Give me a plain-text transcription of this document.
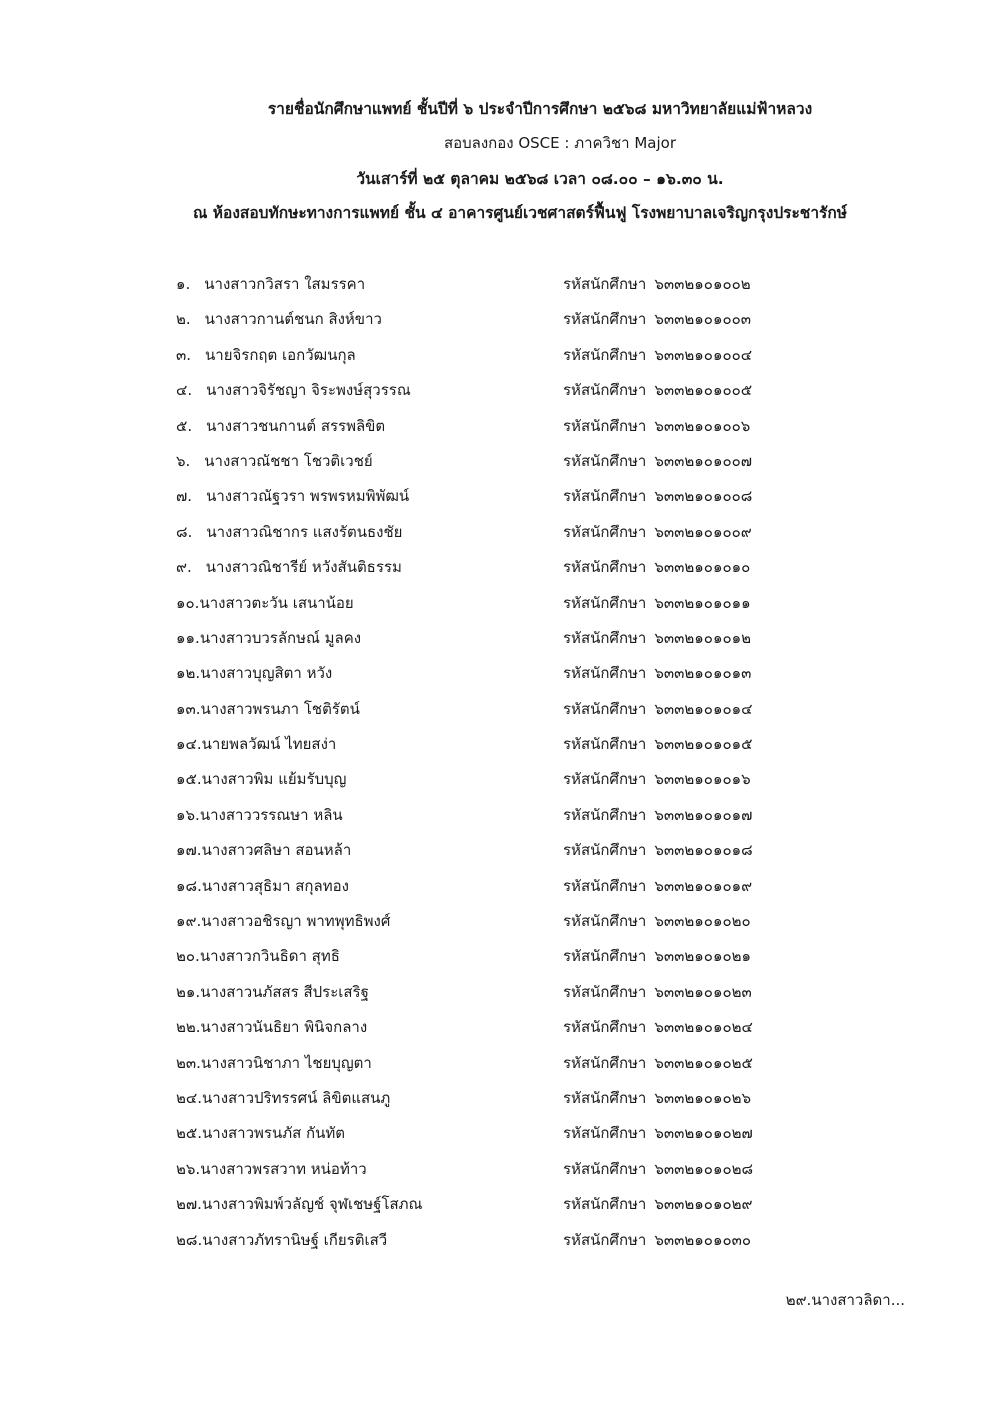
รายชื่อนักศึกษาแพทย์ ชั้นปีที่ ๖ ประจำปีการศึกษา ๒๕๖๘ มหาวิทยาลัยแม่ฟ้าหลวง
สอบลงกอง OSCE : ภาควิชา Major
วันเสาร์ที่ ๒๕ ตุลาคม ๒๕๖๘ เวลา ๐๘.๐๐ – ๑๖.๓๐ น.
ณ ห้องสอบทักษะทางการแพทย์ ชั้น ๔ อาคารศูนย์เวชศาสตร์ฟื้นฟู โรงพยาบาลเจริญกรุงประชารักษ์
๑. นางสาวกวิสรา ใสมรรคา	รหัสนักศึกษา ๖๓๓๒๑๐๑๐๐๒
๒. นางสาวกานต์ชนก สิงห์ขาว	รหัสนักศึกษา ๖๓๓๒๑๐๑๐๐๓
๓. นายจิรกฤต เอกวัฒนกุล	รหัสนักศึกษา ๖๓๓๒๑๐๑๐๐๔
๔. นางสาวจิรัชญา จิระพงษ์สุวรรณ	รหัสนักศึกษา ๖๓๓๒๑๐๑๐๐๕
๕. นางสาวชนกานต์ สรรพลิขิต	รหัสนักศึกษา ๖๓๓๒๑๐๑๐๐๖
๖. นางสาวณัชชา โชวติเวชย์	รหัสนักศึกษา ๖๓๓๒๑๐๑๐๐๗
๗. นางสาวณัฐวรา พรพรหมพิพัฒน์	รหัสนักศึกษา ๖๓๓๒๑๐๑๐๐๘
๘. นางสาวณิชากร แสงรัตนธงชัย	รหัสนักศึกษา ๖๓๓๒๑๐๑๐๐๙
๙. นางสาวณิชารีย์ หวังสันติธรรม	รหัสนักศึกษา ๖๓๓๒๑๐๑๐๑๐
๑๐.นางสาวตะวัน เสนาน้อย	รหัสนักศึกษา ๖๓๓๒๑๐๑๐๑๑
๑๑.นางสาวบวรลักษณ์ มูลคง	รหัสนักศึกษา ๖๓๓๒๑๐๑๐๑๒
๑๒.นางสาวบุญสิตา หวัง	รหัสนักศึกษา ๖๓๓๒๑๐๑๐๑๓
๑๓.นางสาวพรนภา โชติรัตน์	รหัสนักศึกษา ๖๓๓๒๑๐๑๐๑๔
๑๔.นายพลวัฒน์ ไทยสง่า	รหัสนักศึกษา ๖๓๓๒๑๐๑๐๑๕
๑๕.นางสาวพิม แย้มรับบุญ	รหัสนักศึกษา ๖๓๓๒๑๐๑๐๑๖
๑๖.นางสาววรรณษา หลิน	รหัสนักศึกษา ๖๓๓๒๑๐๑๐๑๗
๑๗.นางสาวศลิษา สอนหล้า	รหัสนักศึกษา ๖๓๓๒๑๐๑๐๑๘
๑๘.นางสาวสุธิมา สกุลทอง	รหัสนักศึกษา ๖๓๓๒๑๐๑๐๑๙
๑๙.นางสาวอชิรญา พาทพุทธิพงศ์	รหัสนักศึกษา ๖๓๓๒๑๐๑๐๒๐
๒๐.นางสาวกวินธิดา สุทธิ	รหัสนักศึกษา ๖๓๓๒๑๐๑๐๒๑
๒๑.นางสาวนภัสสร สีประเสริฐ	รหัสนักศึกษา ๖๓๓๒๑๐๑๐๒๓
๒๒.นางสาวนันธิยา พินิจกลาง	รหัสนักศึกษา ๖๓๓๒๑๐๑๐๒๔
๒๓.นางสาวนิชาภา ไชยบุญตา	รหัสนักศึกษา ๖๓๓๒๑๐๑๐๒๕
๒๔.นางสาวปริทรรศน์ ลิขิตแสนภู	รหัสนักศึกษา ๖๓๓๒๑๐๑๐๒๖
๒๕.นางสาวพรนภัส กันทัต	รหัสนักศึกษา ๖๓๓๒๑๐๑๐๒๗
๒๖.นางสาวพรสวาท หน่อท้าว	รหัสนักศึกษา ๖๓๓๒๑๐๑๐๒๘
๒๗.นางสาวพิมพ์วลัญช์ จุฬเชษฐ์โสภณ	รหัสนักศึกษา ๖๓๓๒๑๐๑๐๒๙
๒๘.นางสาวภัทรานิษฐ์ เกียรติเสวี	รหัสนักศึกษา ๖๓๓๒๑๐๑๐๓๐
๒๙.นางสาวลิดา...
